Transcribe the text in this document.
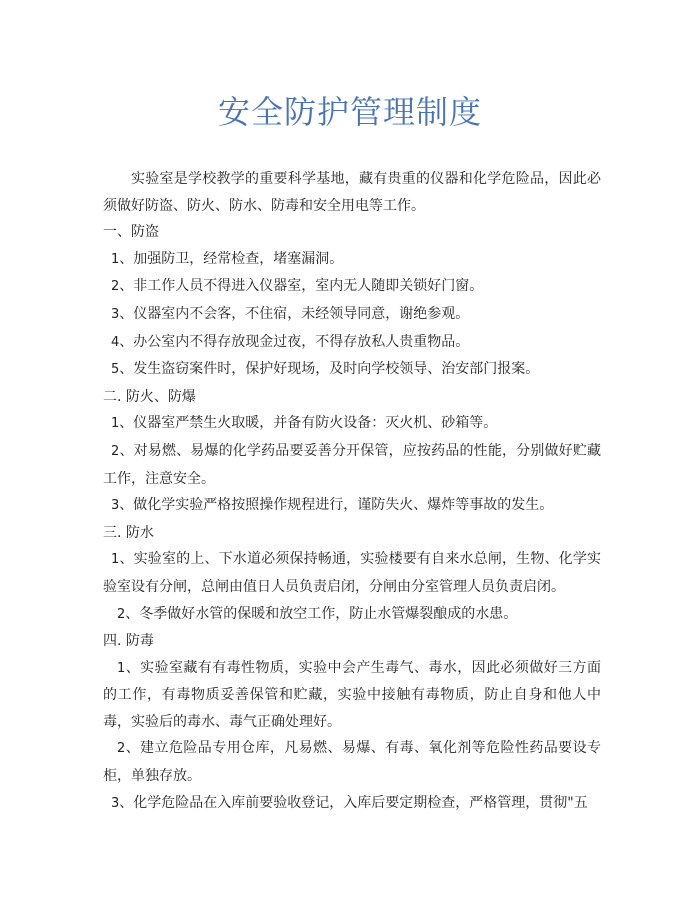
安全防护管理制度

实验室是学校教学的重要科学基地，藏有贵重的仪器和化学危险品，因此必须做好防盗、防火、防水、防毒和安全用电等工作。

一、防盗

1、加强防卫，经常检查，堵塞漏洞。

2、非工作人员不得进入仪器室，室内无人随即关锁好门窗。

3、仪器室内不会客，不住宿，未经领导同意，谢绝参观。

4、办公室内不得存放现金过夜，不得存放私人贵重物品。

5、发生盗窃案件时，保护好现场，及时向学校领导、治安部门报案。

二. 防火、防爆

1、仪器室严禁生火取暖，并备有防火设备：灭火机、砂箱等。

2、对易燃、易爆的化学药品要妥善分开保管，应按药品的性能，分别做好贮藏工作，注意安全。

3、做化学实验严格按照操作规程进行，谨防失火、爆炸等事故的发生。

三. 防水

1、实验室的上、下水道必须保持畅通，实验楼要有自来水总闸，生物、化学实验室设有分闸，总闸由值日人员负责启闭，分闸由分室管理人员负责启闭。

2、冬季做好水管的保暖和放空工作，防止水管爆裂酿成的水患。

四. 防毒

1、实验室藏有有毒性物质，实验中会产生毒气、毒水，因此必须做好三方面的工作，有毒物质妥善保管和贮藏，实验中接触有毒物质，防止自身和他人中毒，实验后的毒水、毒气正确处理好。

2、建立危险品专用仓库，凡易燃、易爆、有毒、氧化剂等危险性药品要设专柜，单独存放。

3、化学危险品在入库前要验收登记，入库后要定期检查，严格管理，贯彻"五
